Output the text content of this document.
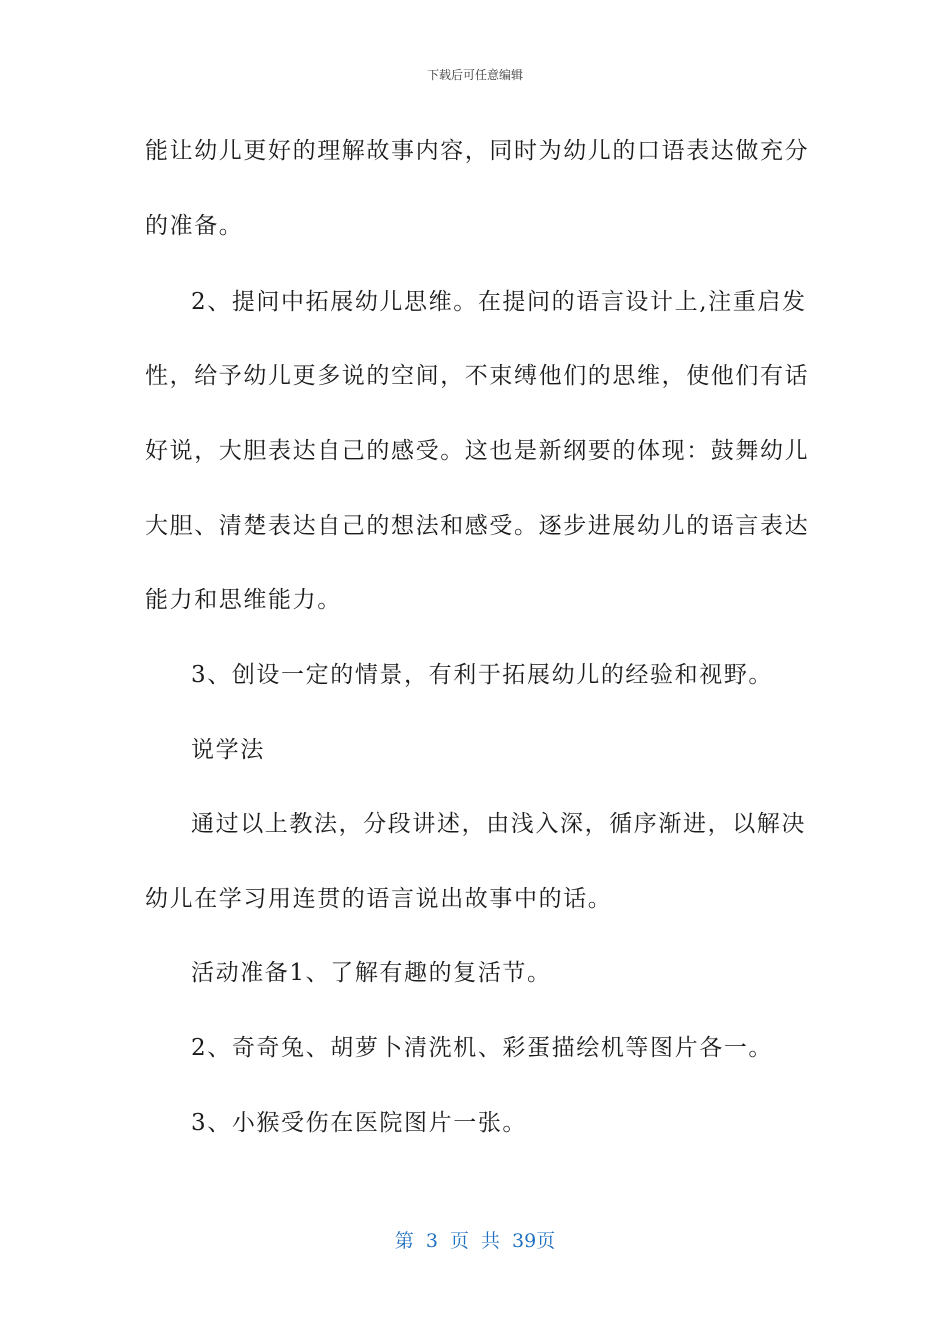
下载后可任意编辑
能让幼儿更好的理解故事内容，同时为幼儿的口语表达做充分
的准备。
2、提问中拓展幼儿思维。在提问的语言设计上,注重启发
性，给予幼儿更多说的空间，不束缚他们的思维，使他们有话
好说，大胆表达自己的感受。这也是新纲要的体现：鼓舞幼儿
大胆、清楚表达自己的想法和感受。逐步进展幼儿的语言表达
能力和思维能力。
3、创设一定的情景，有利于拓展幼儿的经验和视野。
说学法
通过以上教法，分段讲述，由浅入深，循序渐进，以解决
幼儿在学习用连贯的语言说出故事中的话。
活动准备1、了解有趣的复活节。
2、奇奇兔、胡萝卜清洗机、彩蛋描绘机等图片各一。
3、小猴受伤在医院图片一张。
第 3 页 共 39页
